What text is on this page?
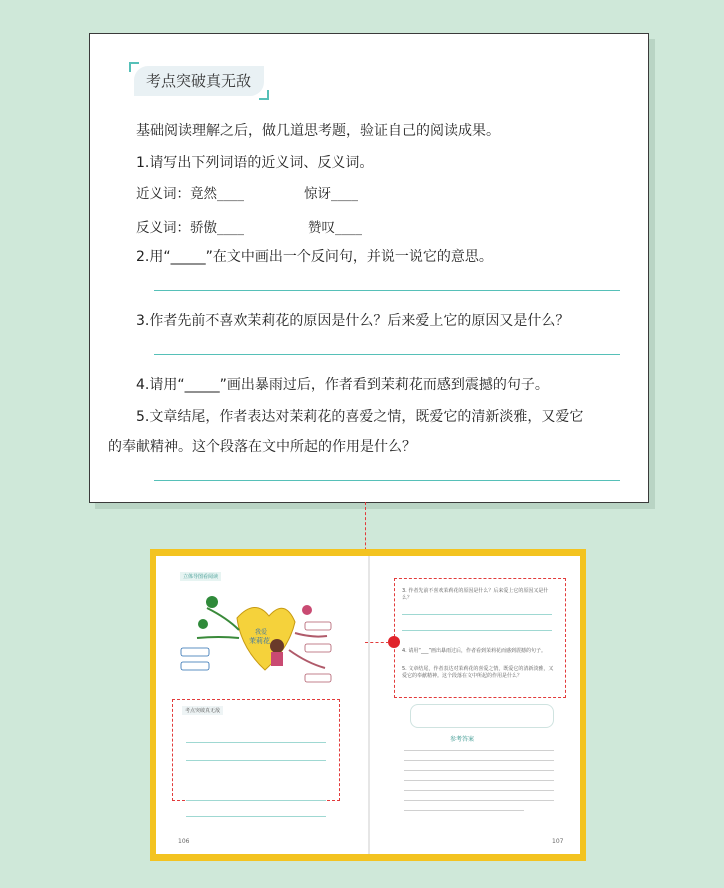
考点突破真无敌
基础阅读理解之后，做几道思考题，验证自己的阅读成果。
1.请写出下列词语的近义词、反义词。
近义词：竟然____	惊讶____
反义词：骄傲____	赞叹____
2.用“_____”在文中画出一个反问句，并说一说它的意思。
3.作者先前不喜欢茉莉花的原因是什么？后来爱上它的原因又是什么？
4.请用“_____”画出暴雨过后，作者看到茉莉花而感到震撼的句子。
5.文章结尾，作者表达对茉莉花的喜爱之情，既爱它的清新淡雅，又爱它
的奉献精神。这个段落在文中所起的作用是什么？
立体导图看阅读
我爱
茉莉花
考点突破真无敌
106
3. 作者先前不喜欢茉莉花的原因是什么？后来爱上它的原因又是什么？
4. 请用“___”画出暴雨过后，作者看到茉莉花而感到震撼的句子。
5. 文章结尾，作者表达对茉莉花的喜爱之情，既爱它的清新淡雅，又爱它的奉献精神。这个段落在文中所起的作用是什么？
参考答案
107
